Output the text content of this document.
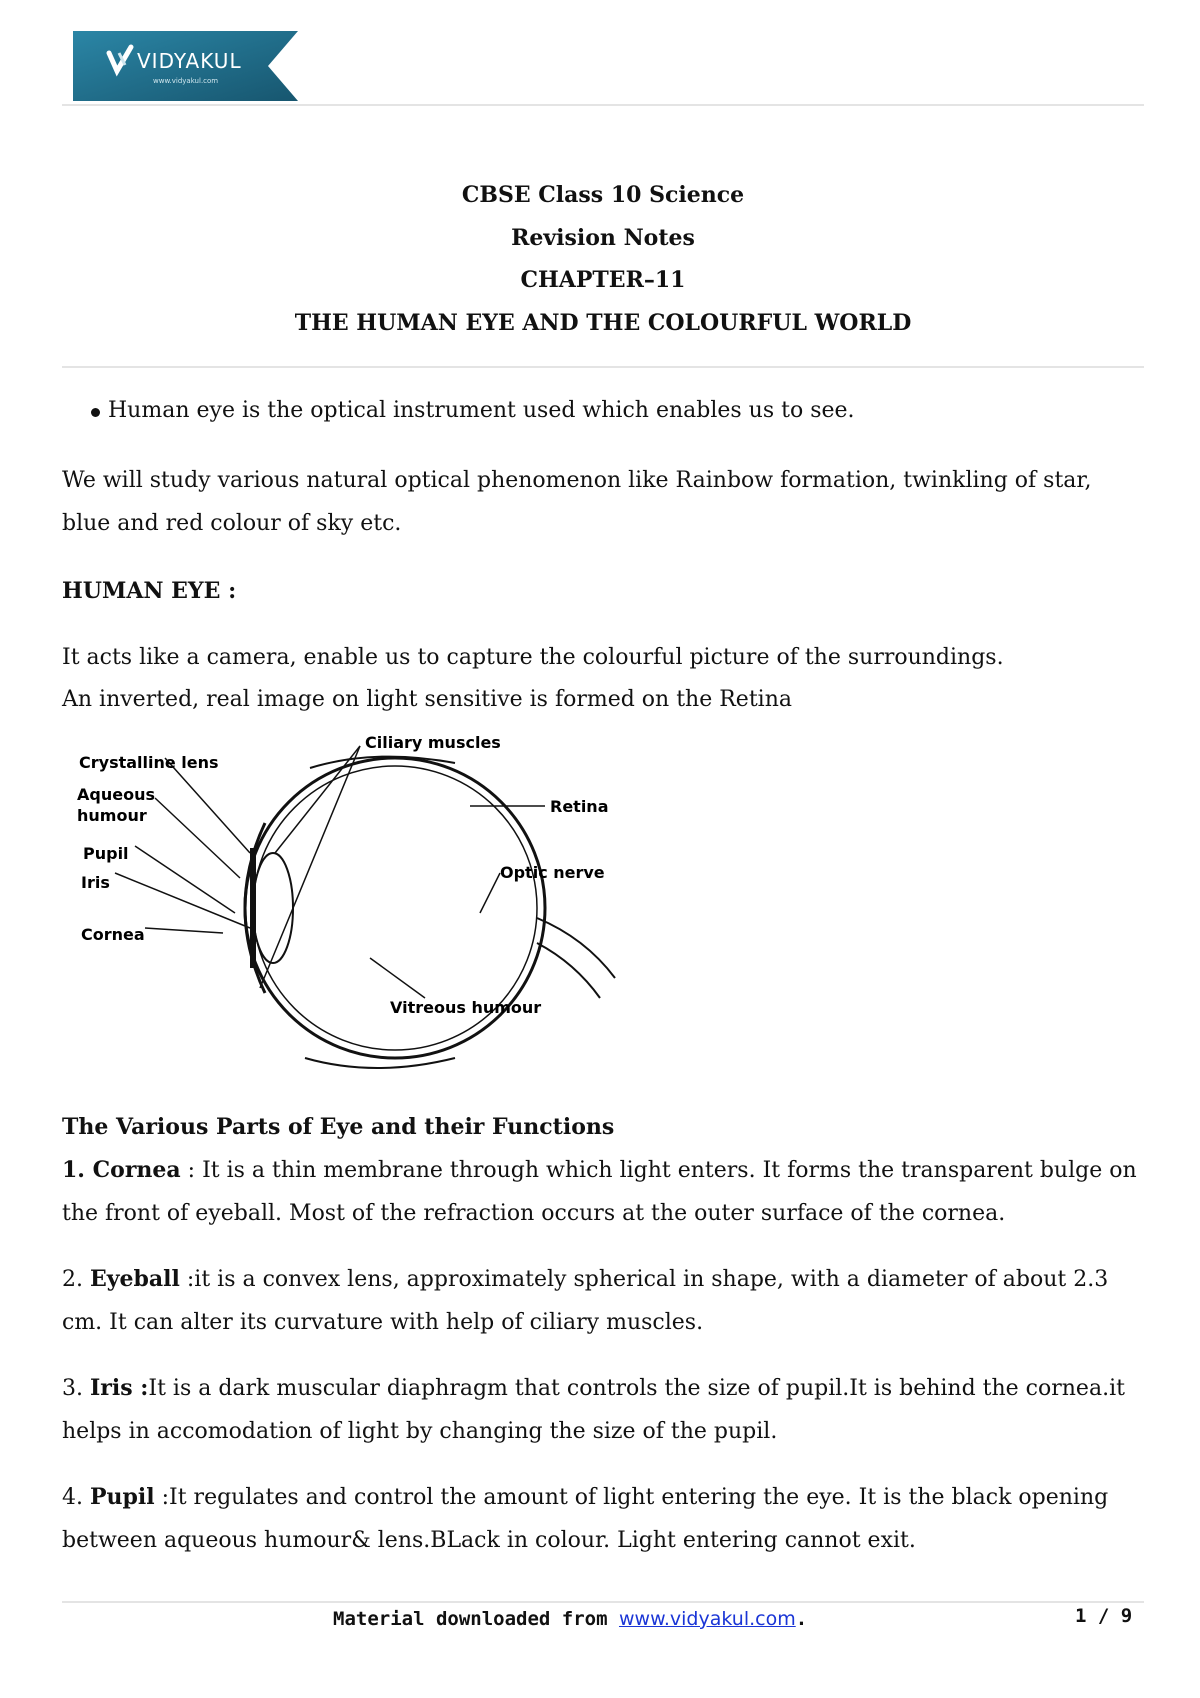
VIDYAKUL
www.vidyakul.com
CBSE Class 10 Science
Revision Notes
CHAPTER–11
THE HUMAN EYE AND THE COLOURFUL WORLD
Human eye is the optical instrument used which enables us to see.
We will study various natural optical phenomenon like Rainbow formation, twinkling of star, blue and red colour of sky etc.
HUMAN EYE :
It acts like a camera, enable us to capture the colourful picture of the surroundings.
An inverted, real image on light sensitive is formed on the Retina
Ciliary muscles
Crystalline lens
Aqueous
humour
Pupil
Iris
Cornea
Retina
Optic nerve
Vitreous humour
The Various Parts of Eye and their Functions
1. Cornea : It is a thin membrane through which light enters. It forms the transparent bulge on the front of eyeball. Most of the refraction occurs at the outer surface of the cornea.
2. Eyeball :it is a convex lens, approximately spherical in shape, with a diameter of about 2.3 cm. It can alter its curvature with help of ciliary muscles.
3. Iris :It is a dark muscular diaphragm that controls the size of pupil.It is behind the cornea.it helps in accomodation of light by changing the size of the pupil.
4. Pupil :It regulates and control the amount of light entering the eye. It is the black opening between aqueous humour& lens.BLack in colour. Light entering cannot exit.
Material downloaded from www.vidyakul.com.	1 / 9
